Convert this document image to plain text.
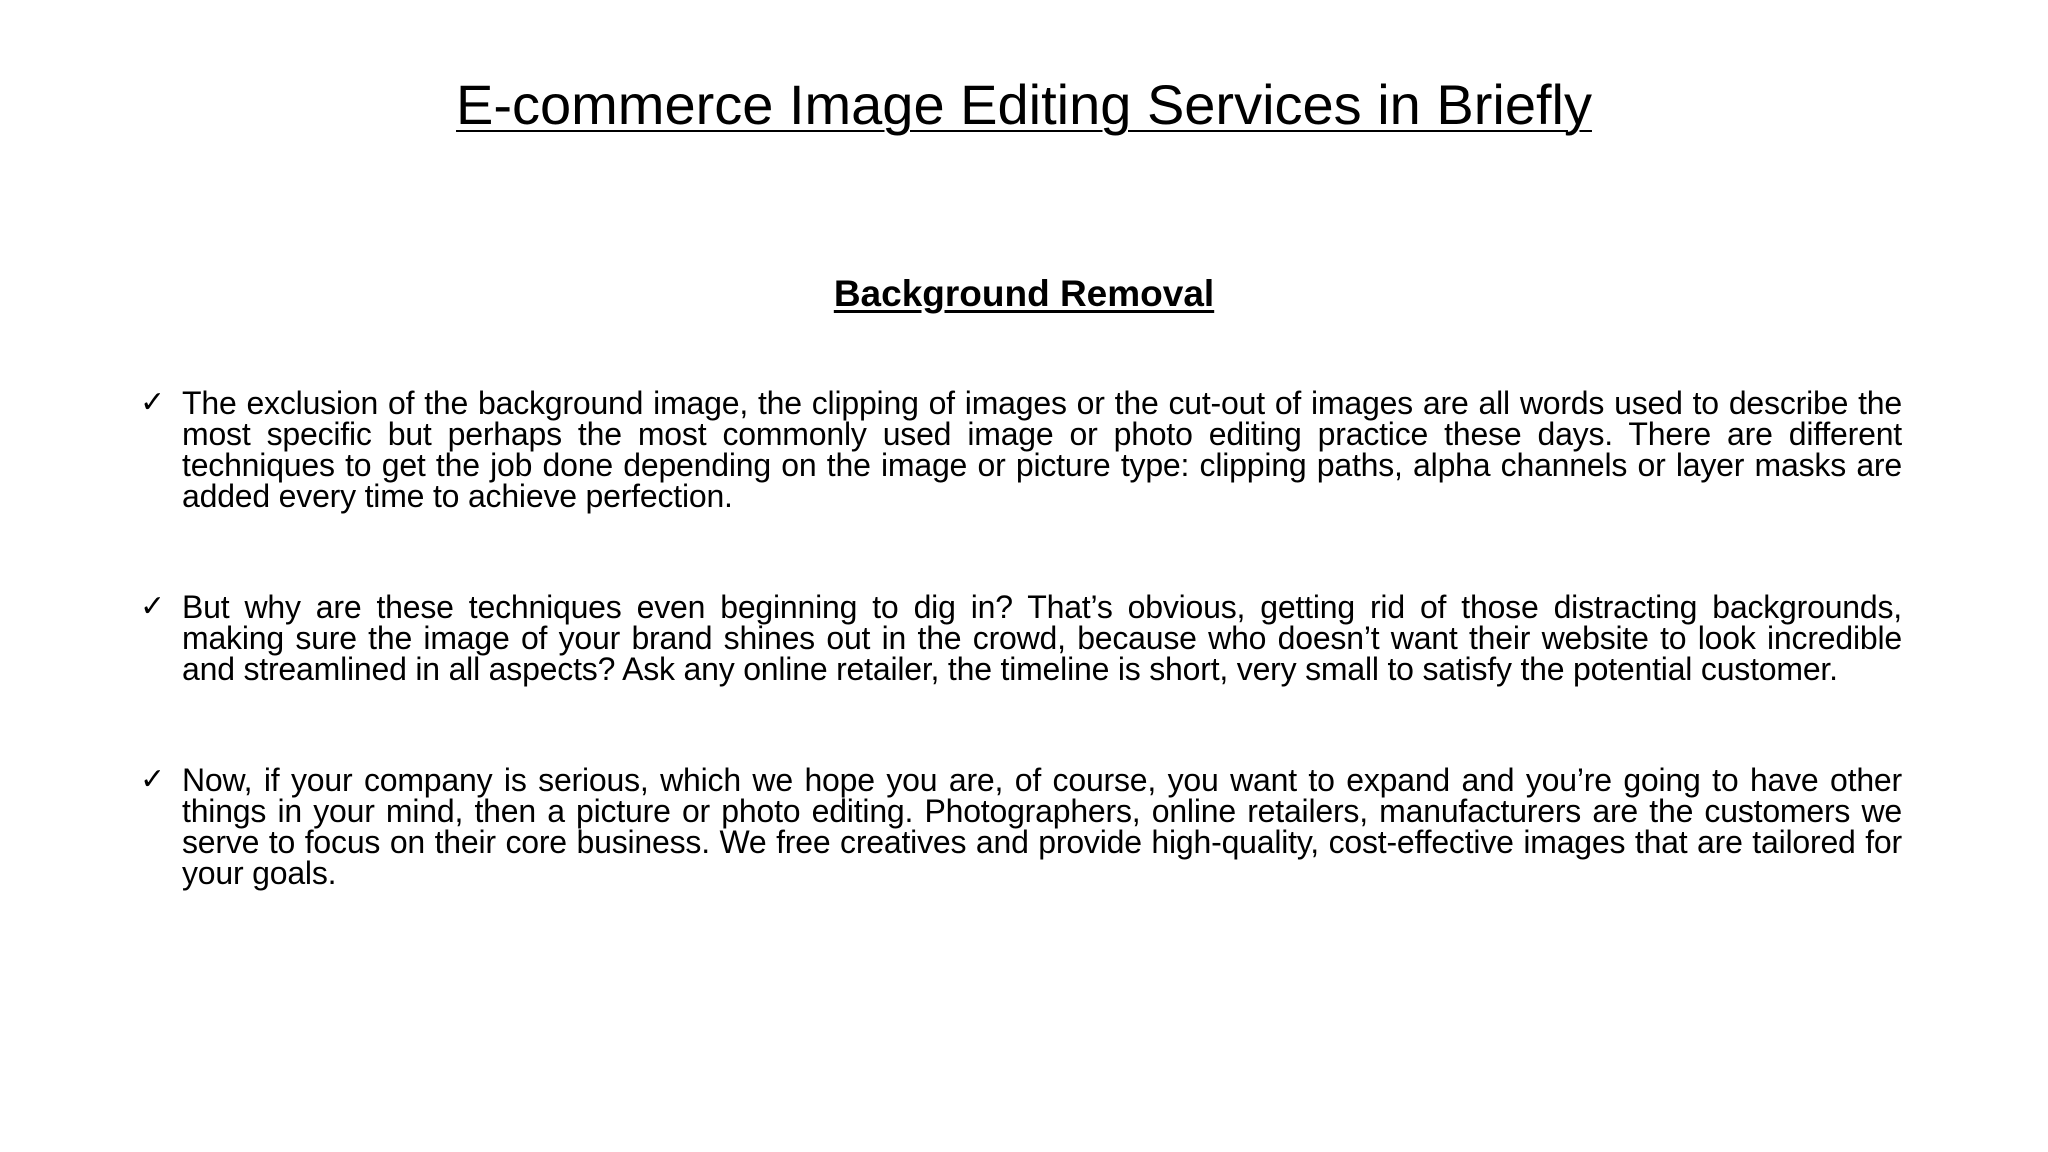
E-commerce Image Editing Services in Briefly
Background Removal
✓ The exclusion of the background image, the clipping of images or the cut-out of images are all words used to describe the most specific but perhaps the most commonly used image or photo editing practice these days. There are different techniques to get the job done depending on the image or picture type: clipping paths, alpha channels or layer masks are added every time to achieve perfection.
✓ But why are these techniques even beginning to dig in? That’s obvious, getting rid of those distracting backgrounds, making sure the image of your brand shines out in the crowd, because who doesn’t want their website to look incredible and streamlined in all aspects? Ask any online retailer, the timeline is short, very small to satisfy the potential customer.
✓ Now, if your company is serious, which we hope you are, of course, you want to expand and you’re going to have other things in your mind, then a picture or photo editing. Photographers, online retailers, manufacturers are the customers we serve to focus on their core business. We free creatives and provide high-quality, cost-effective images that are tailored for your goals.
